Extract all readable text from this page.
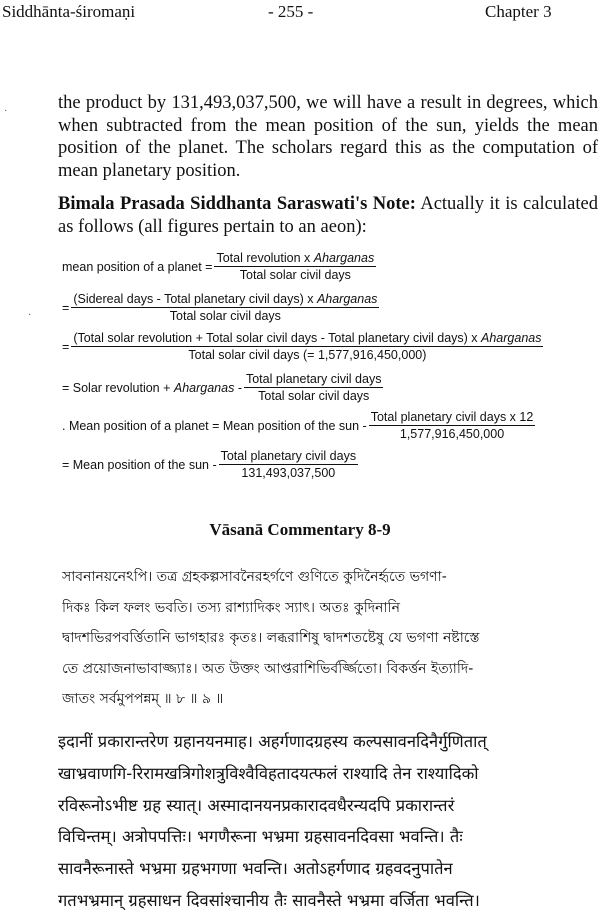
Siddhānta-śiromaṇi	- 255 -	Chapter 3
·
·

the product by 131,493,037,500, we will have a result in degrees, which when subtracted from the mean position of the sun, yields the mean position of the planet. The scholars regard this as the computation of mean planetary position.

Bimala Prasada Siddhanta Saraswati's Note: Actually it is calculated as follows (all figures pertain to an aeon):

mean position of a planet = $\frac{\text{Total revolution x Aharganas}}{\text{Total solar civil days}}$
= $\frac{\text{(Sidereal days - Total planetary civil days) x Aharganas}}{\text{Total solar civil days}}$
=
(Total solar revolution + Total solar civil days - Total planetary civil days) x Aharganas
Total solar civil days (= 1,577,916,450,000)
= Solar revolution + Aharganas - $\frac{\text{Total planetary civil days}}{\text{Total solar civil days}}$
. Mean position of a planet = Mean position of the sun - $\frac{\text{Total planetary civil days x 12}}{1,577,916,450,000}$
= Mean position of the sun - $\frac{\text{Total planetary civil days}}{131,493,037,500}$
Vāsanā Commentary 8-9
সাবনানয়নেঽপি। তত্র গ্রহকল্পসাবনৈরহর্গণে গুণিতে কুদিনৈর্হৃতে ভগণা-
দিকঃ কিল ফলং ভবতি। তস্য রাশ্যাদিকং স্যাৎ। অতঃ কুদিনানি
দ্বাদশভিরপবর্ত্তিতানি ভাগহারঃ কৃতঃ। লব্ধরাশিষু দ্বাদশতষ্টেষু যে ভগণা নষ্টাস্তে
তে প্রয়োজনাভাবাজ্জ্যাঃ। অত উক্তং আপ্তরাশিভির্বর্জ্জিতো। বিকর্ত্তন ইত্যাদি-
জাতং সর্বমুপপন্নম্ ॥ ৮ ॥ ৯ ॥
इदानीं प्रकारान्तरेण ग्रहानयनमाह। अहर्गणादग्रहस्य कल्पसावनदिनैर्गुणितात्
खाभ्रवाणगि-रिरामखत्रिगोशत्रुविश्वैविहतादयत्फलं राश्यादि तेन राश्यादिको
रविरूनोऽभीष्ट ग्रह स्यात्। अस्मादानयनप्रकारादवधैरन्यदपि प्रकारान्तरं
विचिन्तम्। अत्रोपपत्तिः। भगणैरूना भभ्रमा ग्रहसावनदिवसा भवन्ति। तैः
सावनैरूनास्ते भभ्रमा ग्रहभगणा भवन्ति। अतोऽहर्गणाद ग्रहवदनुपातेन
गतभभ्रमान् ग्रहसाधन दिवसांश्चानीय तैः सावनैस्ते भभ्रमा वर्जिता भवन्ति।
